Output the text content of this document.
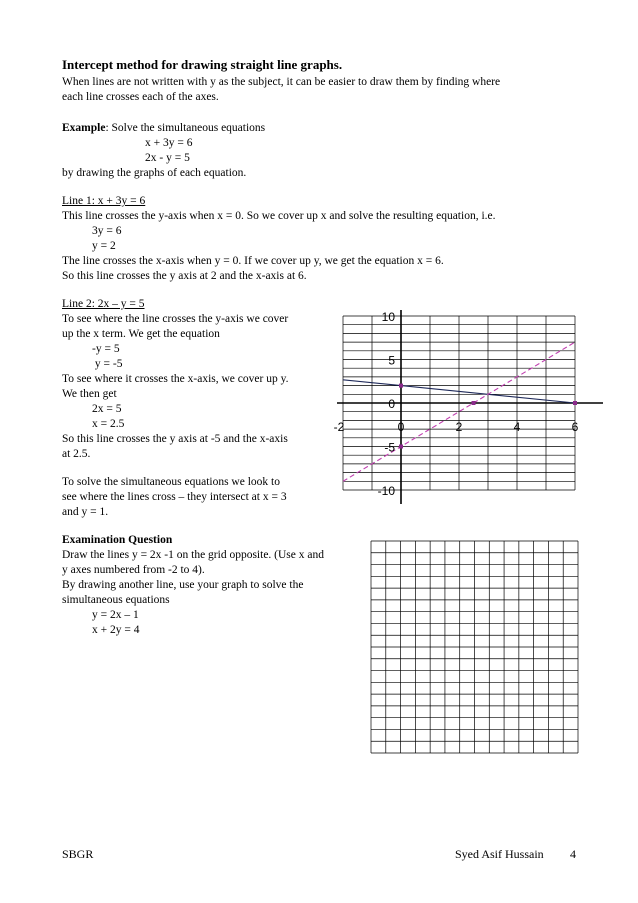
Intercept method for drawing straight line graphs.
When lines are not written with y as the subject, it can be easier to draw them by finding where
each line crosses each of the axes.
Example: Solve the simultaneous equations
x + 3y = 6
2x - y = 5
by drawing the graphs of each equation.
Line 1: x + 3y = 6
This line crosses the y-axis when x = 0. So we cover up x and solve the resulting equation, i.e.
3y = 6
y = 2
The line crosses the x-axis when y = 0. If we cover up y, we get the equation x = 6.
So this line crosses the y axis at 2 and the x-axis at 6.
Line 2: 2x – y = 5
To see where the line crosses the y-axis we cover
up the x term. We get the equation
-y = 5
y = -5
To see where it crosses the x-axis, we cover up y.
We then get
2x = 5
x = 2.5
So this line crosses the y axis at -5 and the x-axis
at 2.5.
To solve the simultaneous equations we look to
see where the lines cross – they intersect at x = 3
and y = 1.
Examination Question
Draw the lines y = 2x -1 on the grid opposite. (Use x and
y axes numbered from -2 to 4).
By drawing another line, use your graph to solve the
simultaneous equations
y = 2x – 1
x + 2y = 4
-2	0	2	4	6
10
5
0
-5
-10
SBGR	Syed Asif Hussain 4
